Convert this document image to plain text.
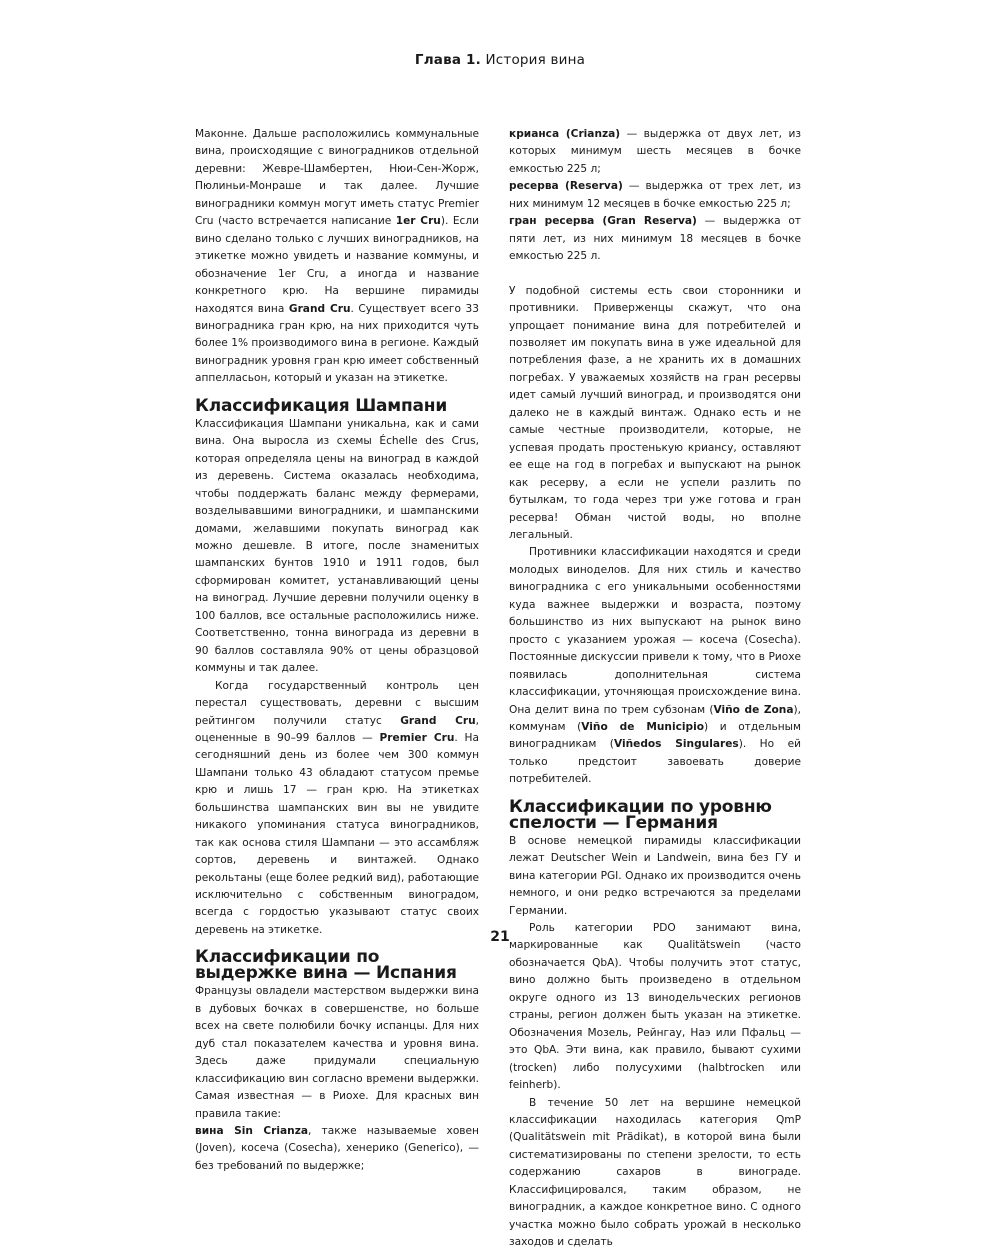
Глава 1. История вина

Маконне. Дальше расположились коммунальные вина, происходящие с виноградников отдельной деревни: Жевре-Шамбертен, Нюи-Сен-Жорж, Пюлиньи-Монраше и так далее. Лучшие виноградники коммун могут иметь статус Premier Cru (часто встречается написание 1er Cru). Если вино сделано только с лучших виноградников, на этикетке можно увидеть и название коммуны, и обозначение 1er Cru, а иногда и название конкретного крю. На вершине пирамиды находятся вина Grand Cru. Существует всего 33 виноградника гран крю, на них приходится чуть более 1% производимого вина в регионе. Каждый виноградник уровня гран крю имеет собственный аппелласьон, который и указан на этикетке.

Классификация Шампани

Классификация Шампани уникальна, как и сами вина. Она выросла из схемы Échelle des Crus, которая определяла цены на виноград в каждой из деревень. Система оказалась необходима, чтобы поддержать баланс между фермерами, возделывавшими виноградники, и шампанскими домами, желавшими покупать виноград как можно дешевле. В итоге, после знаменитых шампанских бунтов 1910 и 1911 годов, был сформирован комитет, устанавливающий цены на виноград. Лучшие деревни получили оценку в 100 баллов, все остальные расположились ниже. Соответственно, тонна винограда из деревни в 90 баллов составляла 90% от цены образцовой коммуны и так далее.

Когда государственный контроль цен перестал существовать, деревни с высшим рейтингом получили статус Grand Cru, оцененные в 90–99 баллов — Premier Cru. На сегодняшний день из более чем 300 коммун Шампани только 43 обладают статусом премье крю и лишь 17 — гран крю. На этикетках большинства шампанских вин вы не увидите никакого упоминания статуса виноградников, так как основа стиля Шампани — это ассамбляж сортов, деревень и винтажей. Однако рекольтаны (еще более редкий вид), работающие исключительно с собственным виноградом, всегда с гордостью указывают статус своих деревень на этикетке.

Классификации по выдержке вина — Испания

Французы овладели мастерством выдержки вина в дубовых бочках в совершенстве, но больше всех на свете полюбили бочку испанцы. Для них дуб стал показателем качества и уровня вина. Здесь даже придумали специальную классификацию вин согласно времени выдержки. Самая известная — в Риохе. Для красных вин правила такие:

вина Sin Crianza, также называемые ховен (Joven), косеча (Cosecha), хенерико (Generico), — без требований по выдержке;

крианса (Crianza) — выдержка от двух лет, из которых минимум шесть месяцев в бочке емкостью 225 л;

ресерва (Reserva) — выдержка от трех лет, из них минимум 12 месяцев в бочке емкостью 225 л;

гран ресерва (Gran Reserva) — выдержка от пяти лет, из них минимум 18 месяцев в бочке емкостью 225 л.

У подобной системы есть свои сторонники и противники. Приверженцы скажут, что она упрощает понимание вина для потребителей и позволяет им покупать вина в уже идеальной для потребления фазе, а не хранить их в домашних погребах. У уважаемых хозяйств на гран ресервы идет самый лучший виноград, и производятся они далеко не в каждый винтаж. Однако есть и не самые честные производители, которые, не успевая продать простенькую криансу, оставляют ее еще на год в погребах и выпускают на рынок как ресерву, а если не успели разлить по бутылкам, то года через три уже готова и гран ресерва! Обман чистой воды, но вполне легальный.

Противники классификации находятся и среди молодых виноделов. Для них стиль и качество виноградника с его уникальными особенностями куда важнее выдержки и возраста, поэтому большинство из них выпускают на рынок вино просто с указанием урожая — косеча (Cosecha). Постоянные дискуссии привели к тому, что в Риохе появилась дополнительная система классификации, уточняющая происхождение вина. Она делит вина по трем субзонам (Viño de Zona), коммунам (Viño de Municipio) и отдельным виноградникам (Viñedos Singulares). Но ей только предстоит завоевать доверие потребителей.

Классификации по уровню спелости — Германия

В основе немецкой пирамиды классификации лежат Deutscher Wein и Landwein, вина без ГУ и вина категории PGI. Однако их производится очень немного, и они редко встречаются за пределами Германии.

Роль категории PDO занимают вина, маркированные как Qualitätswein (часто обозначается QbA). Чтобы получить этот статус, вино должно быть произведено в отдельном округе одного из 13 винодельческих регионов страны, регион должен быть указан на этикетке. Обозначения Мозель, Рейнгау, Наэ или Пфальц — это QbA. Эти вина, как правило, бывают сухими (trocken) либо полусухими (halbtrocken или feinherb).

В течение 50 лет на вершине немецкой классификации находилась категория QmP (Qualitätswein mit Prädikat), в которой вина были систематизированы по степени зрелости, то есть содержанию сахаров в винограде. Классифицировался, таким образом, не виноградник, а каждое конкретное вино. С одного участка можно было собрать урожай в несколько заходов и сделать

21
